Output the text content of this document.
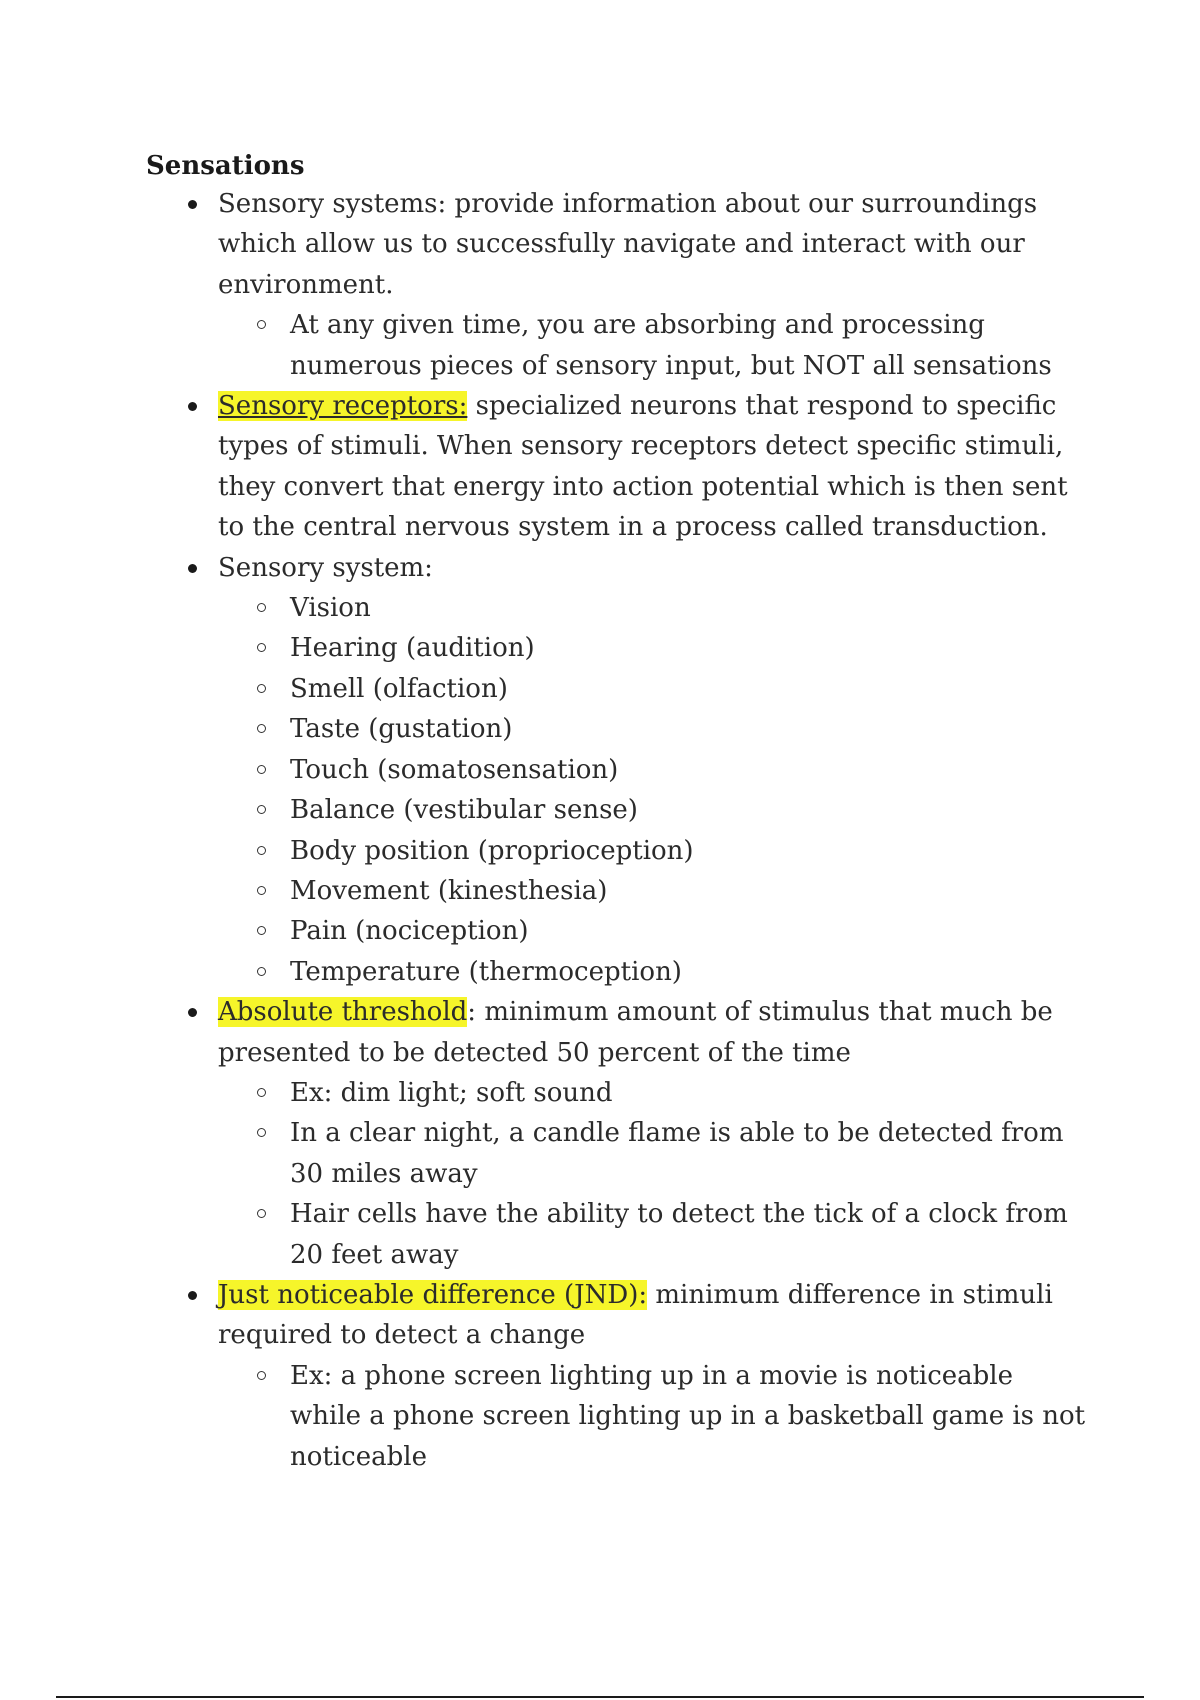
Sensations
Sensory systems: provide information about our surroundings which allow us to successfully navigate and interact with our environment.
At any given time, you are absorbing and processing numerous pieces of sensory input, but NOT all sensations
Sensory receptors: specialized neurons that respond to specific types of stimuli. When sensory receptors detect specific stimuli, they convert that energy into action potential which is then sent to the central nervous system in a process called transduction.
Sensory system:
Vision
Hearing (audition)
Smell (olfaction)
Taste (gustation)
Touch (somatosensation)
Balance (vestibular sense)
Body position (proprioception)
Movement (kinesthesia)
Pain (nociception)
Temperature (thermoception)
Absolute threshold: minimum amount of stimulus that much be presented to be detected 50 percent of the time
Ex: dim light; soft sound
In a clear night, a candle flame is able to be detected from 30 miles away
Hair cells have the ability to detect the tick of a clock from 20 feet away
Just noticeable difference (JND): minimum difference in stimuli required to detect a change
Ex: a phone screen lighting up in a movie is noticeable while a phone screen lighting up in a basketball game is not noticeable
